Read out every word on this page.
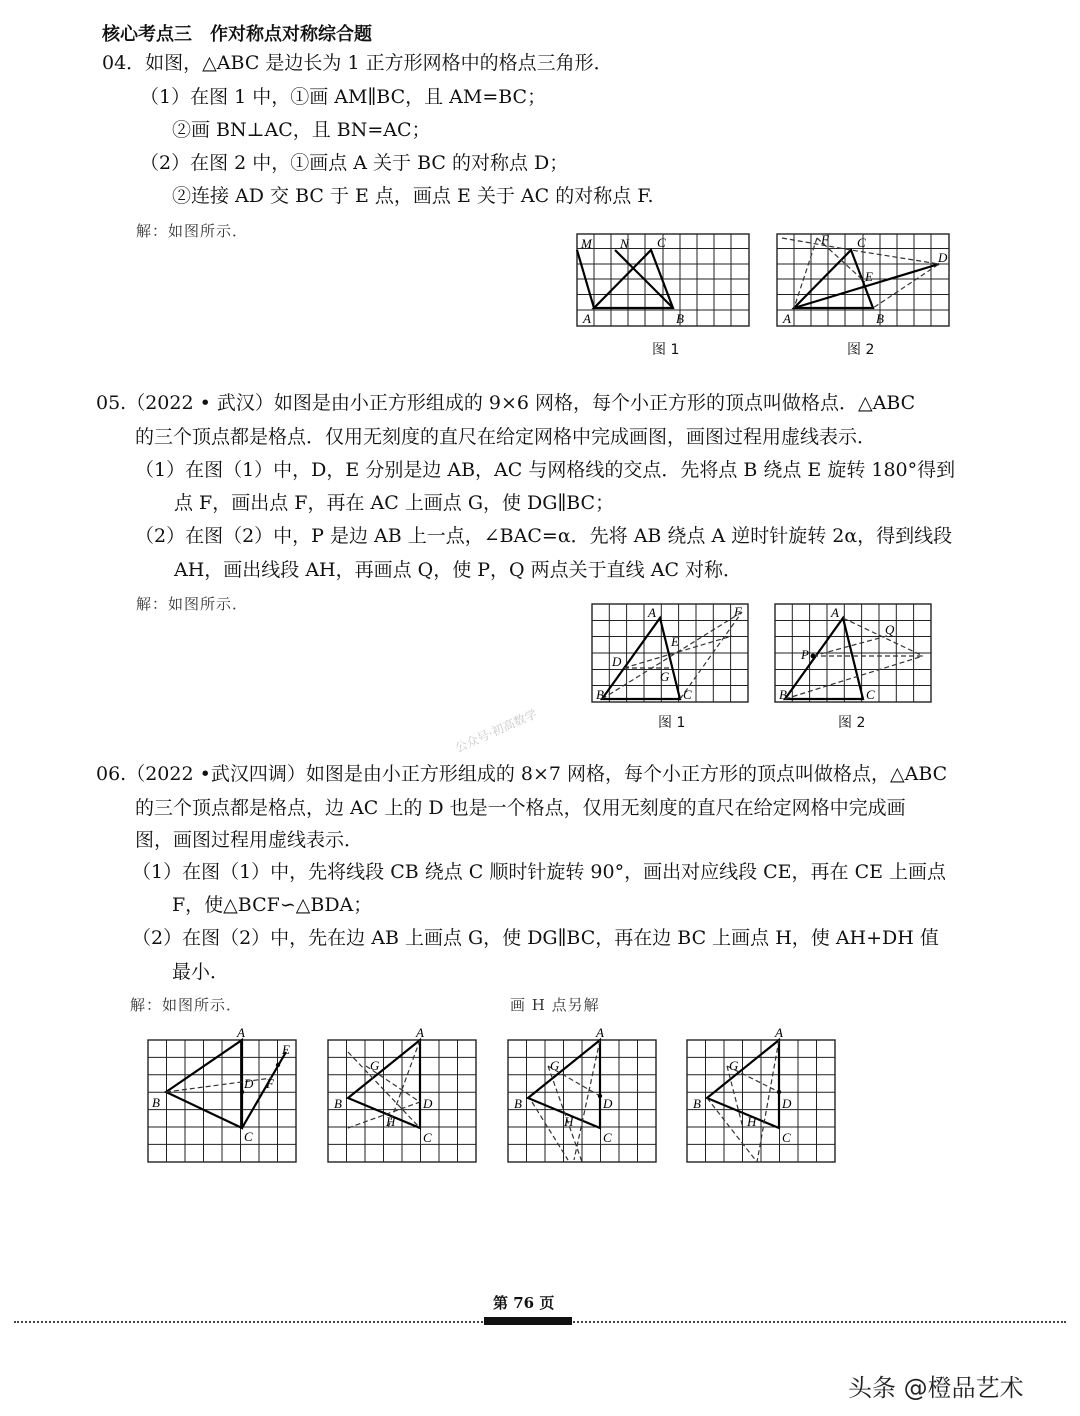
核心考点三　作对称点对称综合题
04．如图，△ABC 是边长为 1 正方形网格中的格点三角形．
（1）在图 1 中，①画 AM∥BC，且 AM=BC；
②画 BN⊥AC，且 BN=AC；
（2）在图 2 中，①画点 A 关于 BC 的对称点 D；
②连接 AD 交 BC 于 E 点，画点 E 关于 AC 的对称点 F.
解：如图所示．
M N C
A	B
图 1
F C
E
D
A	B
图 2
05.（2022 • 武汉）如图是由小正方形组成的 9×6 网格，每个小正方形的顶点叫做格点．△ABC
的三个顶点都是格点．仅用无刻度的直尺在给定网格中完成画图，画图过程用虚线表示．
（1）在图（1）中，D，E 分别是边 AB，AC 与网格线的交点．先将点 B 绕点 E 旋转 180°得到
点 F，画出点 F，再在 AC 上画点 G，使 DG∥BC；
（2）在图（2）中，P 是边 AB 上一点，∠BAC=α．先将 AB 绕点 A 逆时针旋转 2α，得到线段
AH，画出线段 AH，再画点 Q，使 P，Q 两点关于直线 AC 对称．
解：如图所示．	A	F
E
D
G
B	C
图 1
A
Q
P
B	C
图 2
公众号·初高数学
06.（2022 •武汉四调）如图是由小正方形组成的 8×7 网格，每个小正方形的顶点叫做格点，△ABC
的三个顶点都是格点，边 AC 上的 D 也是一个格点，仅用无刻度的直尺在给定网格中完成画
图，画图过程用虚线表示．
（1）在图（1）中，先将线段 CB 绕点 C 顺时针旋转 90°，画出对应线段 CE，再在 CE 上画点
F，使△BCF∽△BDA；
（2）在图（2）中，先在边 AB 上画点 G，使 DG∥BC，再在边 BC 上画点 H，使 AH+DH 值
最小．
解：如图所示．	画 H 点另解
A
B
C
D
E
F
A
G
B	D
H
C
A
G
B	D
H
C
A
G
B	D
H
C
第 76 页
头条 @橙品艺术
